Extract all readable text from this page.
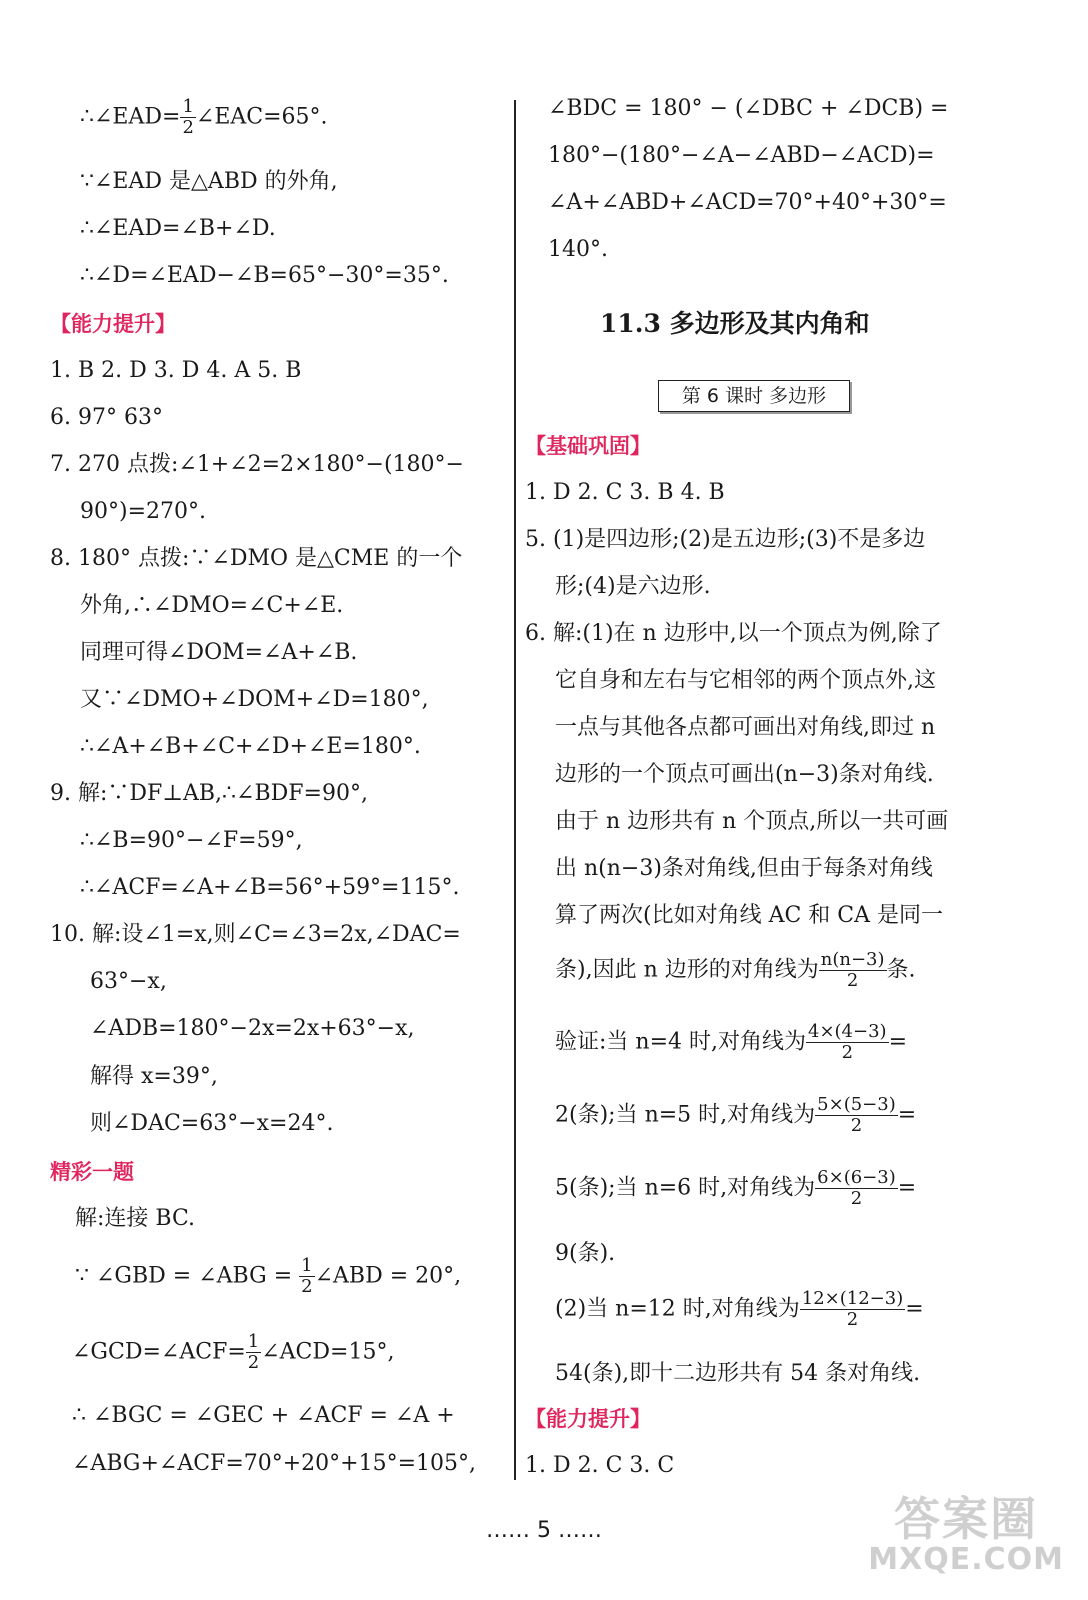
∴∠EAD= $\frac{1}{2}$ ∠EAC=65°.
∵∠EAD 是△ABD 的外角,
∴∠EAD=∠B+∠D.
∴∠D=∠EAD−∠B=65°−30°=35°.
【能力提升】
1. B 2. D 3. D 4. A 5. B
6. 97° 63°
7. 270 点拨:∠1+∠2=2×180°−(180°−
90°)=270°.
8. 180° 点拨:∵∠DMO 是△CME 的一个
外角,∴∠DMO=∠C+∠E.
同理可得∠DOM=∠A+∠B.
又∵∠DMO+∠DOM+∠D=180°,
∴∠A+∠B+∠C+∠D+∠E=180°.
9. 解:∵DF⊥AB,∴∠BDF=90°,
∴∠B=90°−∠F=59°,
∴∠ACF=∠A+∠B=56°+59°=115°.
10. 解:设∠1=x,则∠C=∠3=2x,∠DAC=
63°−x,
∠ADB=180°−2x=2x+63°−x,
解得 x=39°,
则∠DAC=63°−x=24°.
精彩一题
解:连接 BC.
∵ ∠GBD = ∠ABG = $\frac{1}{2}$ ∠ABD = 20°,
∠GCD=∠ACF= $\frac{1}{2}$ ∠ACD=15°,
∴ ∠BGC = ∠GEC + ∠ACF = ∠A +
∠ABG+∠ACF=70°+20°+15°=105°,
∠BDC = 180° − (∠DBC + ∠DCB) =
180°−(180°−∠A−∠ABD−∠ACD)=
∠A+∠ABD+∠ACD=70°+40°+30°=
140°.
11.3 多边形及其内角和
【基础巩固】
1. D 2. C 3. B 4. B
5. (1)是四边形;(2)是五边形;(3)不是多边
形;(4)是六边形.
6. 解:(1)在 n 边形中,以一个顶点为例,除了
它自身和左右与它相邻的两个顶点外,这
一点与其他各点都可画出对角线,即过 n
边形的一个顶点可画出(n−3)条对角线.
由于 n 边形共有 n 个顶点,所以一共可画
出 n(n−3)条对角线,但由于每条对角线
算了两次(比如对角线 AC 和 CA 是同一
条),因此 n 边形的对角线为 $\frac{n(n-3)}{2}$ 条.
验证:当 n=4 时,对角线为 $\frac{4\times(4-3)}{2}$ =
2(条);当 n=5 时,对角线为 $\frac{5\times(5-3)}{2}$ =
5(条);当 n=6 时,对角线为 $\frac{6\times(6-3)}{2}$ =
9(条).
(2)当 n=12 时,对角线为 $\frac{12\times(12-3)}{2}$ =
54(条),即十二边形共有 54 条对角线.
【能力提升】
1. D 2. C 3. C
…… 5 ……	答案圈
MXQE.COM
第 6 课时 多边形
